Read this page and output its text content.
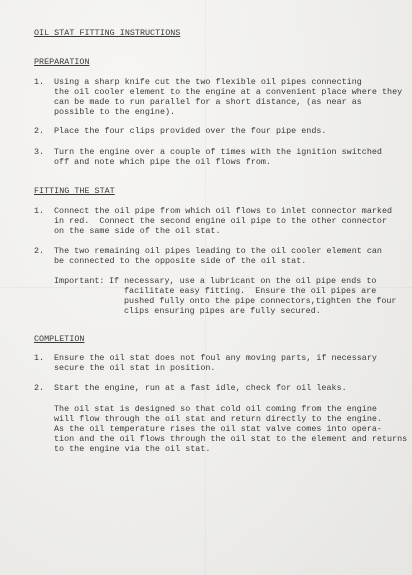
OIL STAT FITTING INSTRUCTIONS
PREPARATION
1. Using a sharp knife cut the two flexible oil pipes connecting
the oil cooler element to the engine at a convenient place where they
can be made to run parallel for a short distance, (as near as
possible to the engine).
2. Place the four clips provided over the four pipe ends.
3. Turn the engine over a couple of times with the ignition switched
off and note which pipe the oil flows from.
FITTING THE STAT
1. Connect the oil pipe from which oil flows to inlet connector marked
in red.  Connect the second engine oil pipe to the other connector
on the same side of the oil stat.
2. The two remaining oil pipes leading to the oil cooler element can
be connected to the opposite side of the oil stat.
Important: If necessary, use a lubricant on the oil pipe ends to
facilitate easy fitting.  Ensure the oil pipes are
pushed fully onto the pipe connectors,tighten the four
clips ensuring pipes are fully secured.
COMPLETION
1. Ensure the oil stat does not foul any moving parts, if necessary
secure the oil stat in position.
2. Start the engine, run at a fast idle, check for oil leaks.
The oil stat is designed so that cold oil coming from the engine
will flow through the oil stat and return directly to the engine.
As the oil temperature rises the oil stat valve comes into opera-
tion and the oil flows through the oil stat to the element and returns
to the engine via the oil stat.
